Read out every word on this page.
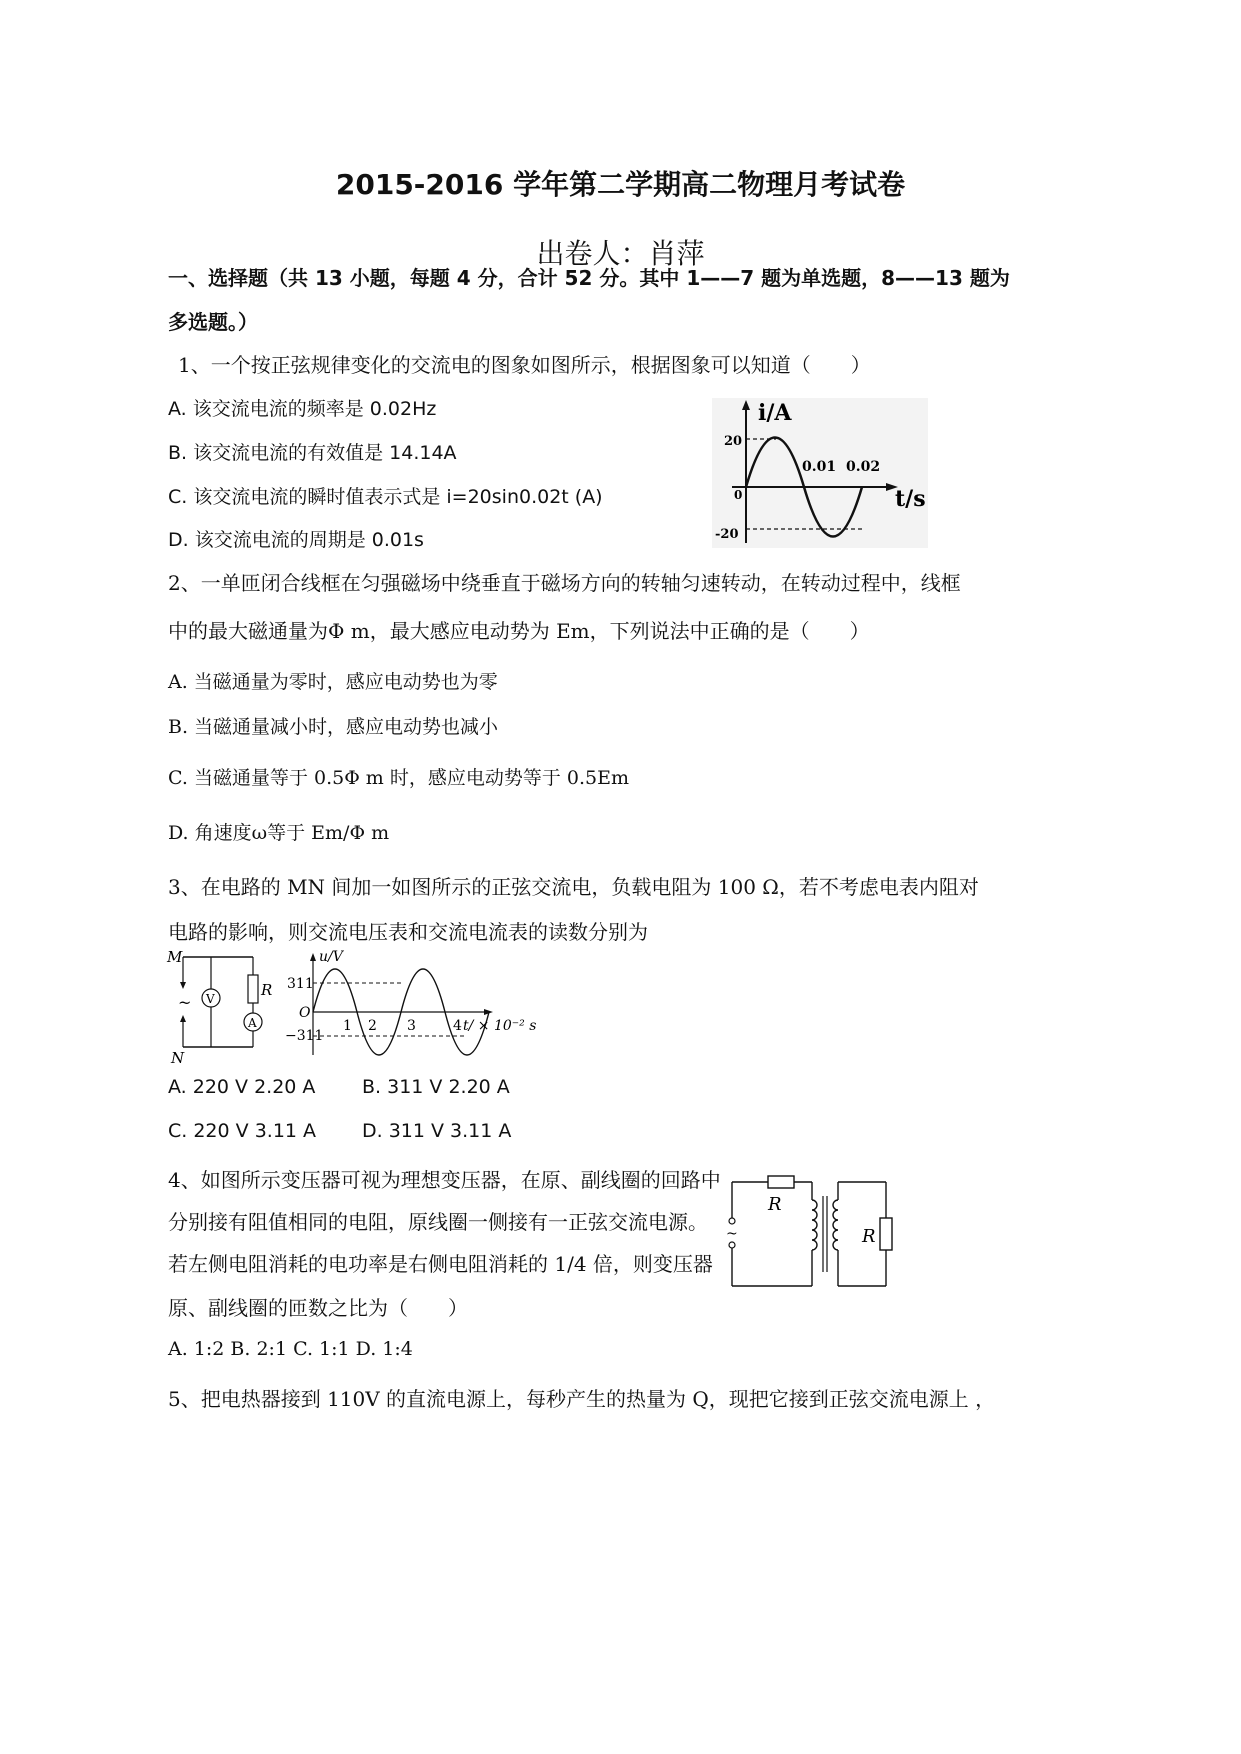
2015-2016 学年第二学期高二物理月考试卷
出卷人：肖萍
一、选择题（共 13 小题，每题 4 分，合计 52 分。其中 1——7 题为单选题，8——13 题为
多选题。）
1、一个按正弦规律变化的交流电的图象如图所示，根据图象可以知道（　　）
A. 该交流电流的频率是 0.02Hz
B. 该交流电流的有效值是 14.14A
C. 该交流电流的瞬时值表示式是 i=20sin0.02t (A)
D. 该交流电流的周期是 0.01s
i/A
20
-20
0
0.01 0.02
t/s
2、一单匝闭合线框在匀强磁场中绕垂直于磁场方向的转轴匀速转动，在转动过程中，线框
中的最大磁通量为Φ m，最大感应电动势为 Em，下列说法中正确的是（　　）
A. 当磁通量为零时，感应电动势也为零
B. 当磁通量减小时，感应电动势也减小
C. 当磁通量等于 0.5Φ m 时，感应电动势等于 0.5Em
D. 角速度ω等于 Em/Φ m
3、在电路的 MN 间加一如图所示的正弦交流电，负载电阻为 100 Ω，若不考虑电表内阻对
电路的影响，则交流电压表和交流电流表的读数分别为
~ V	R
A
M
N
u/V
311
−311
O
1 2 3	4 t/ × 10⁻² s
A. 220 V 2.20 A B. 311 V 2.20 A
C. 220 V 3.11 A D. 311 V 3.11 A
4、如图所示变压器可视为理想变压器，在原、副线圈的回路中
分别接有阻值相同的电阻，原线圈一侧接有一正弦交流电源。
若左侧电阻消耗的电功率是右侧电阻消耗的 1/4 倍，则变压器
原、副线圈的匝数之比为（　　）
~
R
R
A. 1:2 B. 2:1 C. 1:1 D. 1:4
5、把电热器接到 110V 的直流电源上，每秒产生的热量为 Q，现把它接到正弦交流电源上 ，
